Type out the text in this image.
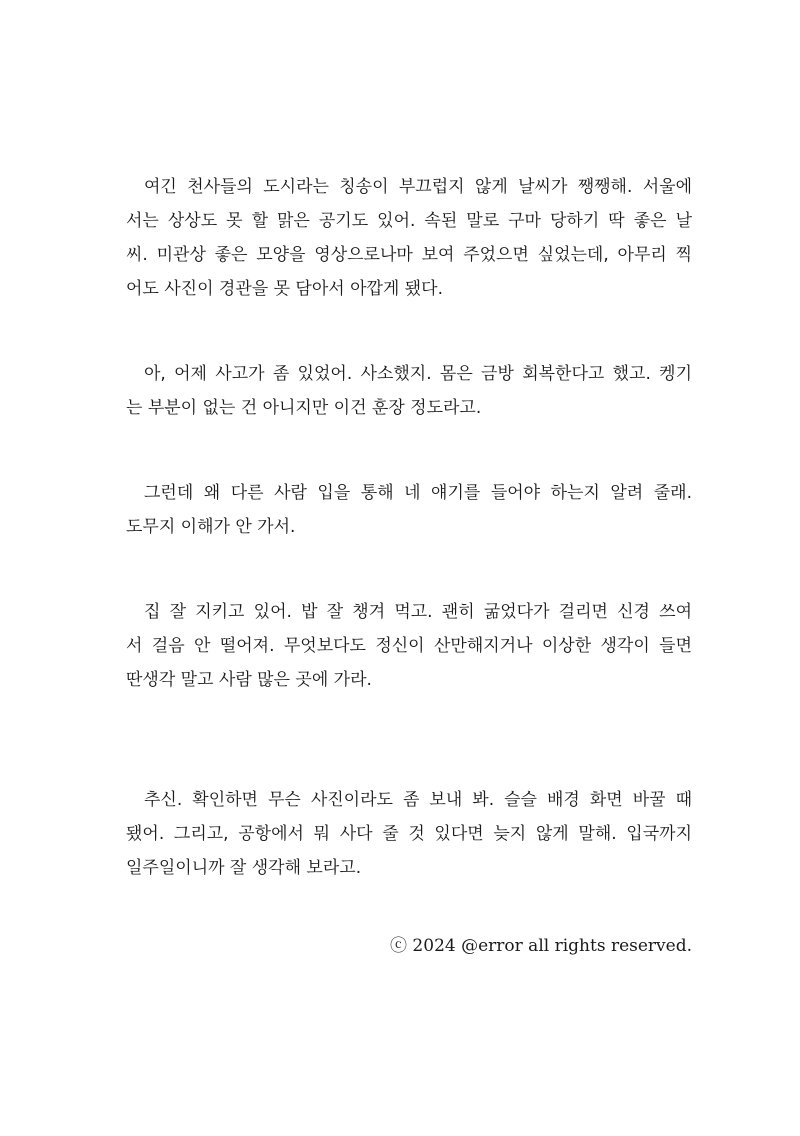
여긴 천사들의 도시라는 칭송이 부끄럽지 않게 날씨가 쨍쨍해. 서울에
서는 상상도 못 할 맑은 공기도 있어. 속된 말로 구마 당하기 딱 좋은 날
씨. 미관상 좋은 모양을 영상으로나마 보여 주었으면 싶었는데, 아무리 찍
어도 사진이 경관을 못 담아서 아깝게 됐다.
아, 어제 사고가 좀 있었어. 사소했지. 몸은 금방 회복한다고 했고. 켕기
는 부분이 없는 건 아니지만 이건 훈장 정도라고.
그런데 왜 다른 사람 입을 통해 네 얘기를 들어야 하는지 알려 줄래.
도무지 이해가 안 가서.
집 잘 지키고 있어. 밥 잘 챙겨 먹고. 괜히 굶었다가 걸리면 신경 쓰여
서 걸음 안 떨어져. 무엇보다도 정신이 산만해지거나 이상한 생각이 들면
딴생각 말고 사람 많은 곳에 가라.
추신. 확인하면 무슨 사진이라도 좀 보내 봐. 슬슬 배경 화면 바꿀 때
됐어. 그리고, 공항에서 뭐 사다 줄 것 있다면 늦지 않게 말해. 입국까지
일주일이니까 잘 생각해 보라고.
ⓒ 2024 @error all rights reserved.
